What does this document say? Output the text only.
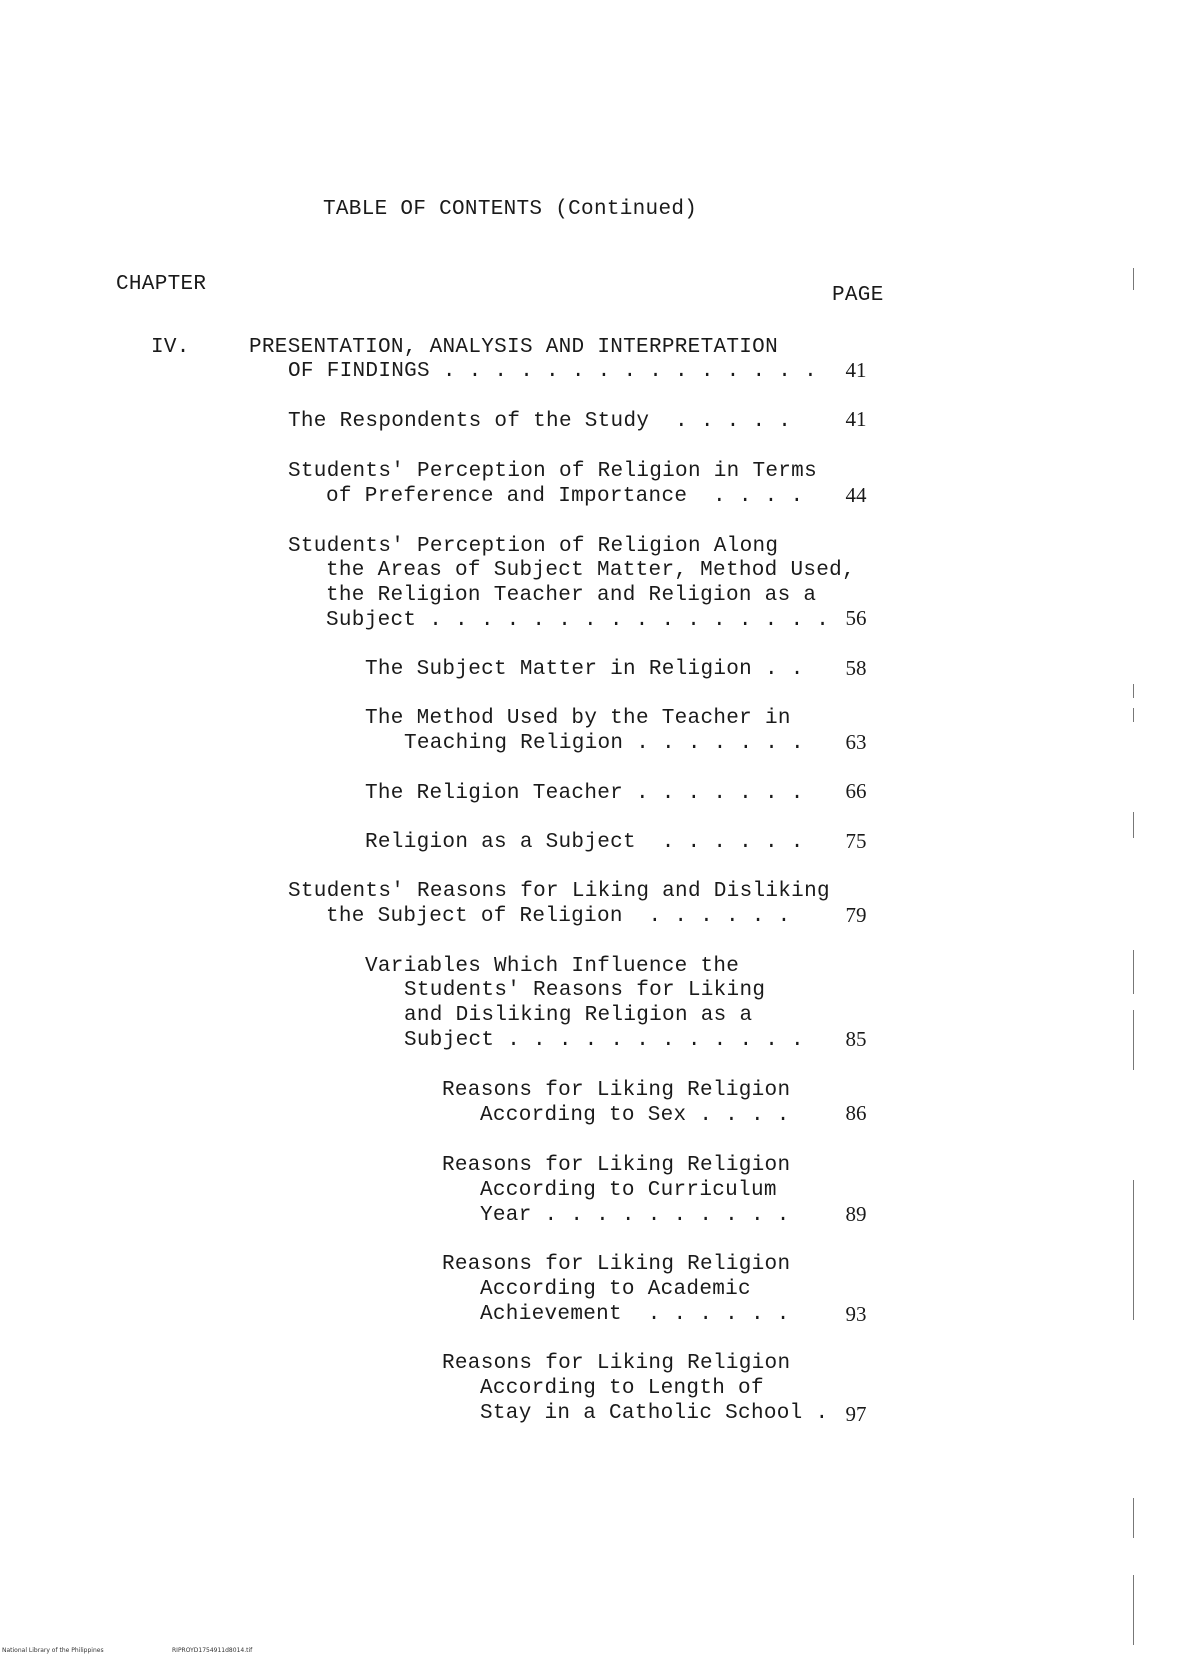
TABLE OF CONTENTS (Continued)
CHAPTER	PAGE
IV.	PRESENTATION, ANALYSIS AND INTERPRETATION
OF FINDINGS . . . . . . . . . . . . . . .	41
The Respondents of the Study  . . . . .	41
Students' Perception of Religion in Terms
of Preference and Importance  . . . .	44
Students' Perception of Religion Along
the Areas of Subject Matter, Method Used,
the Religion Teacher and Religion as a
Subject . . . . . . . . . . . . . . . . 56
The Subject Matter in Religion . .	58
The Method Used by the Teacher in
Teaching Religion . . . . . . .	63
The Religion Teacher . . . . . . .	66
Religion as a Subject  . . . . . .	75
Students' Reasons for Liking and Disliking
the Subject of Religion  . . . . . .	79
Variables Which Influence the
Students' Reasons for Liking
and Disliking Religion as a
Subject . . . . . . . . . . . .	85
Reasons for Liking Religion
According to Sex . . . .	86
Reasons for Liking Religion
According to Curriculum
Year . . . . . . . . . .	89
Reasons for Liking Religion
According to Academic
Achievement  . . . . . .	93
Reasons for Liking Religion
According to Length of
Stay in a Catholic School . 97
National Library of the Philippines	RIPROYD1754911d8014.tif
